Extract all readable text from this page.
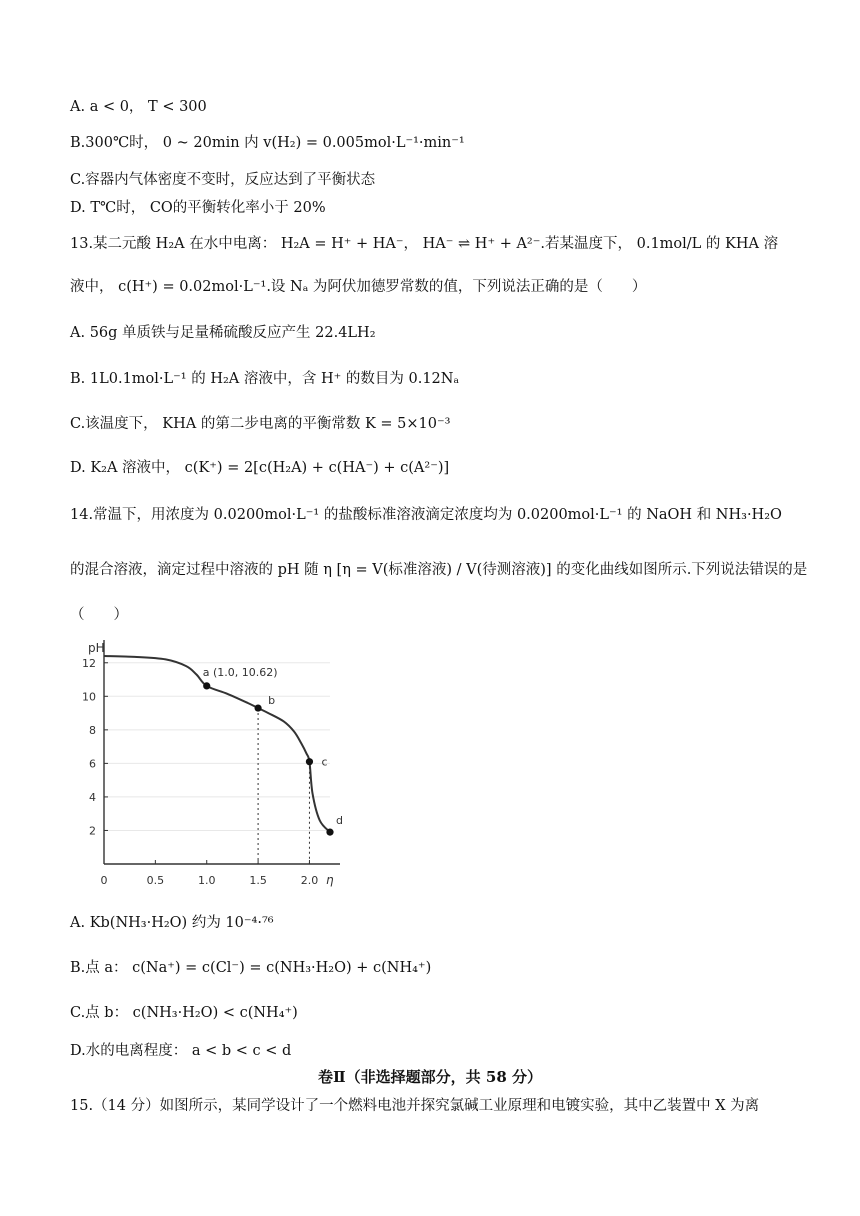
A. a < 0， T < 300
B.300℃时， 0 ~ 20min 内 v(H₂) = 0.005mol·L⁻¹·min⁻¹
C.容器内气体密度不变时，反应达到了平衡状态
D. T℃时， CO的平衡转化率小于 20%
13.某二元酸 H₂A 在水中电离： H₂A = H⁺ + HA⁻， HA⁻ ⇌ H⁺ + A²⁻.若某温度下， 0.1mol/L 的 KHA 溶
液中， c(H⁺) = 0.02mol·L⁻¹.设 Nₐ 为阿伏加德罗常数的值，下列说法正确的是（　　）
A. 56g 单质铁与足量稀硫酸反应产生 22.4LH₂
B. 1L0.1mol·L⁻¹ 的 H₂A 溶液中，含 H⁺ 的数目为 0.12Nₐ
C.该温度下， KHA 的第二步电离的平衡常数 K = 5×10⁻³
D. K₂A 溶液中， c(K⁺) = 2[c(H₂A) + c(HA⁻) + c(A²⁻)]
14.常温下，用浓度为 0.0200mol·L⁻¹ 的盐酸标准溶液滴定浓度均为 0.0200mol·L⁻¹ 的 NaOH 和 NH₃·H₂O
的混合溶液，滴定过程中溶液的 pH 随 η [η = V(标准溶液) / V(待测溶液)] 的变化曲线如图所示.下列说法错误的是
（　　）
2
4
6
8
10
12
0	0.5	1.0	1.5	2.0
a (1.0, 10.62)
b
c
d
pH
η
A. Kb(NH₃·H₂O) 约为 10⁻⁴·⁷⁶
B.点 a： c(Na⁺) = c(Cl⁻) = c(NH₃·H₂O) + c(NH₄⁺)
C.点 b： c(NH₃·H₂O) < c(NH₄⁺)
D.水的电离程度： a < b < c < d
卷Ⅱ（非选择题部分，共 58 分）
15.（14 分）如图所示，某同学设计了一个燃料电池并探究氯碱工业原理和电镀实验，其中乙装置中 X 为离
